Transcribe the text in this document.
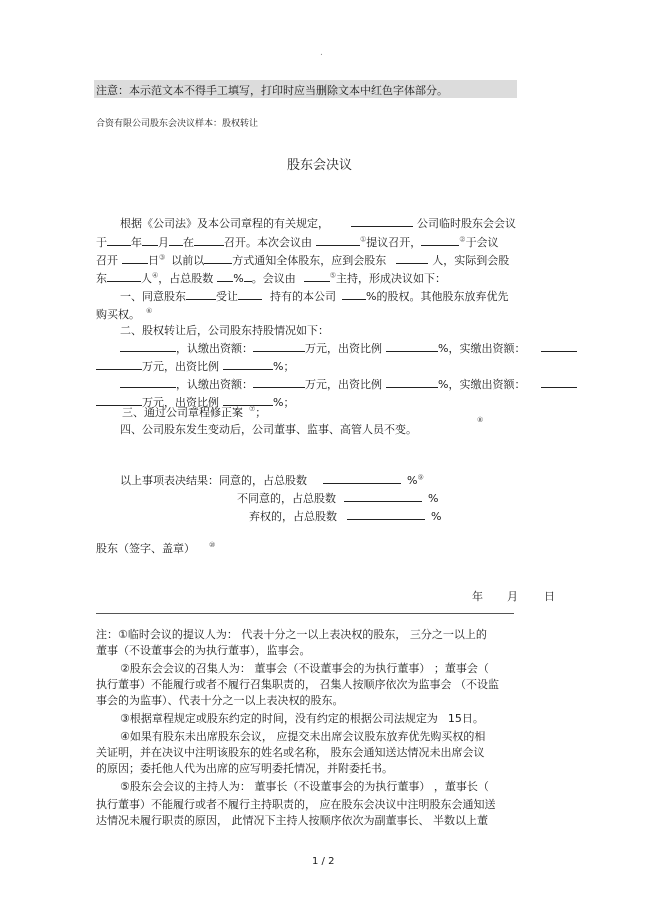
.
注意：本示范文本不得手工填写，打印时应当删除文本中红色字体部分。
合资有限公司股东会决议样本：股权转让
股东会决议
根据《公司法》及本公司章程的有关规定，	公司临时股东会会议
于 年 月 在	召开。本次会议由	①提议召开，	②于会议
召开	日③ 以前以	方式通知全体股东，应到会股东	人，实际到会股
东	人④，占总股数 % 。会议由	⑤主持，形成决议如下：
一、同意股东	受让	持有的本公司	%的股权。其他股东放弃优先
购买权。 ⑥
二、股权转让后，公司股东持股情况如下：
，认缴出资额：	万元，出资比例	%，实缴出资额：
万元，出资比例	%；
，认缴出资额：	万元，出资比例	%，实缴出资额：
万元，出资比例	%；
三、通过公司章程修正案 ⑦；
四、公司股东发生变动后，公司董事、监事、高管人员不变。
⑧
以上事项表决结果：同意的，占总股数	%⑨
不同意的，占总股数	%
弃权的，占总股数	%
股东（签字、盖章） ⑩
年 月 日
注：①临时会议的提议人为： 代表十分之一以上表决权的股东， 三分之一以上的
董事（不设董事会的为执行董事），监事会。
②股东会会议的召集人为： 董事会（不设董事会的为执行董事） ；董事会（
执行董事）不能履行或者不履行召集职责的， 召集人按顺序依次为监事会 （不设监
事会的为监事）、代表十分之一以上表决权的股东。
③根据章程规定或股东约定的时间，没有约定的根据公司法规定为 15日。
④如果有股东未出席股东会议， 应提交未出席会议股东放弃优先购买权的相
关证明，并在决议中注明该股东的姓名或名称， 股东会通知送达情况未出席会议
的原因；委托他人代为出席的应写明委托情况，并附委托书。
⑤股东会会议的主持人为： 董事长（不设董事会的为执行董事） ，董事长（
执行董事）不能履行或者不履行主持职责的， 应在股东会决议中注明股东会通知送
达情况未履行职责的原因， 此情况下主持人按顺序依次为副董事长、 半数以上董
1 / 2
